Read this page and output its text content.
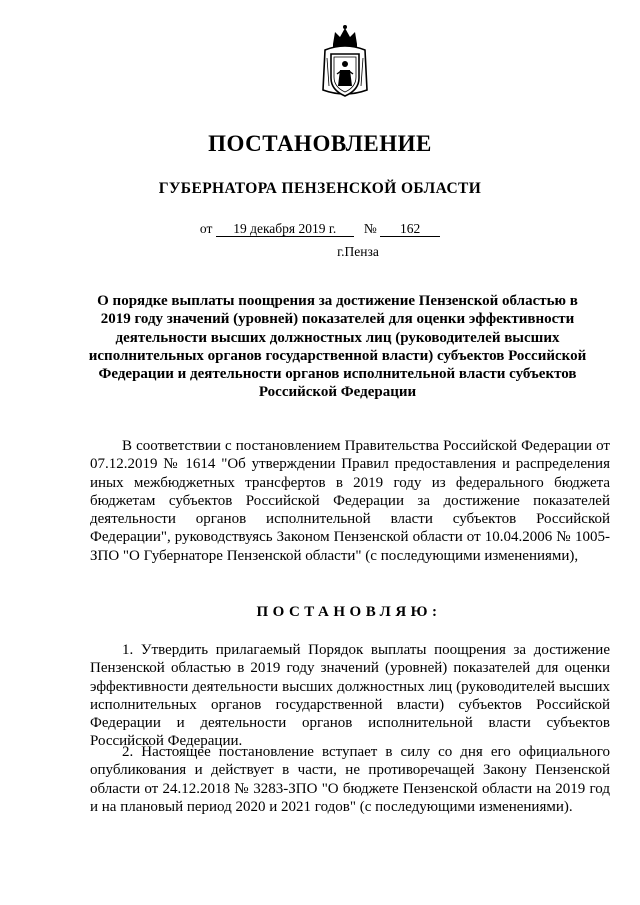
ПОСТАНОВЛЕНИЕ
ГУБЕРНАТОРА ПЕНЗЕНСКОЙ ОБЛАСТИ
от 19 декабря 2019 г. № 162
г.Пенза
О порядке выплаты поощрения за достижение Пензенской областью в 2019 году значений (уровней) показателей для оценки эффективности деятельности высших должностных лиц (руководителей высших исполнительных органов государственной власти) субъектов Российской Федерации и деятельности органов исполнительной власти субъектов Российской Федерации
В соответствии с постановлением Правительства Российской Федерации от 07.12.2019 № 1614 "Об утверждении Правил предоставления и распределения иных межбюджетных трансфертов в 2019 году из федерального бюджета бюджетам субъектов Российской Федерации за достижение показателей деятельности органов исполнительной власти субъектов Российской Федерации", руководствуясь Законом Пензенской области от 10.04.2006 № 1005-ЗПО "О Губернаторе Пензенской области" (с последующими изменениями),
ПОСТАНОВЛЯЮ:
1. Утвердить прилагаемый Порядок выплаты поощрения за достижение Пензенской областью в 2019 году значений (уровней) показателей для оценки эффективности деятельности высших должностных лиц (руководителей высших исполнительных органов государственной власти) субъектов Российской Федерации и деятельности органов исполнительной власти субъектов Российской Федерации.
2. Настоящее постановление вступает в силу со дня его официального опубликования и действует в части, не противоречащей Закону Пензенской области от 24.12.2018 № 3283-ЗПО "О бюджете Пензенской области на 2019 год и на плановый период 2020 и 2021 годов" (с последующими изменениями).
